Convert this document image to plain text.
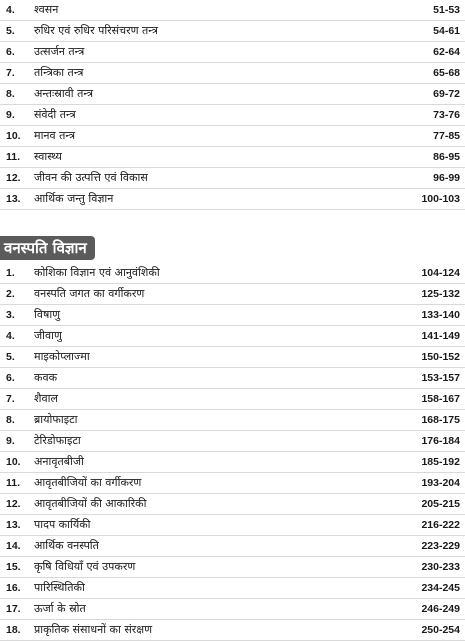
4.	श्वसन	51-53
5.	रुधिर एवं रुधिर परिसंचरण तन्त्र	54-61
6.	उत्सर्जन तन्त्र	62-64
7.	तन्त्रिका तन्त्र	65-68
8.	अन्तःस्रावी तन्त्र	69-72
9.	संवेदी तन्त्र	73-76
10.	मानव तन्त्र	77-85
11.	स्वास्थ्य	86-95
12.	जीवन की उत्पत्ति एवं विकास	96-99
13.	आर्थिक जन्तु विज्ञान	100-103
वनस्पति विज्ञान
1.	कोशिका विज्ञान एवं आनुवंशिकी	104-124
2.	वनस्पति जगत का वर्गीकरण	125-132
3.	विषाणु	133-140
4.	जीवाणु	141-149
5.	माइकोप्लाज्मा	150-152
6.	कवक	153-157
7.	शैवाल	158-167
8.	ब्रायोफाइटा	168-175
9.	टेरिडोफाइटा	176-184
10.	अनावृतबीजी	185-192
11.	आवृतबीजियों का वर्गीकरण	193-204
12.	आवृतबीजियों की आकारिकी	205-215
13.	पादप कार्यिकी	216-222
14.	आर्थिक वनस्पति	223-229
15.	कृषि विधियाँ एवं उपकरण	230-233
16.	पारिस्थितिकी	234-245
17.	ऊर्जा के स्रोत	246-249
18.	प्राकृतिक संसाधनों का संरक्षण	250-254
